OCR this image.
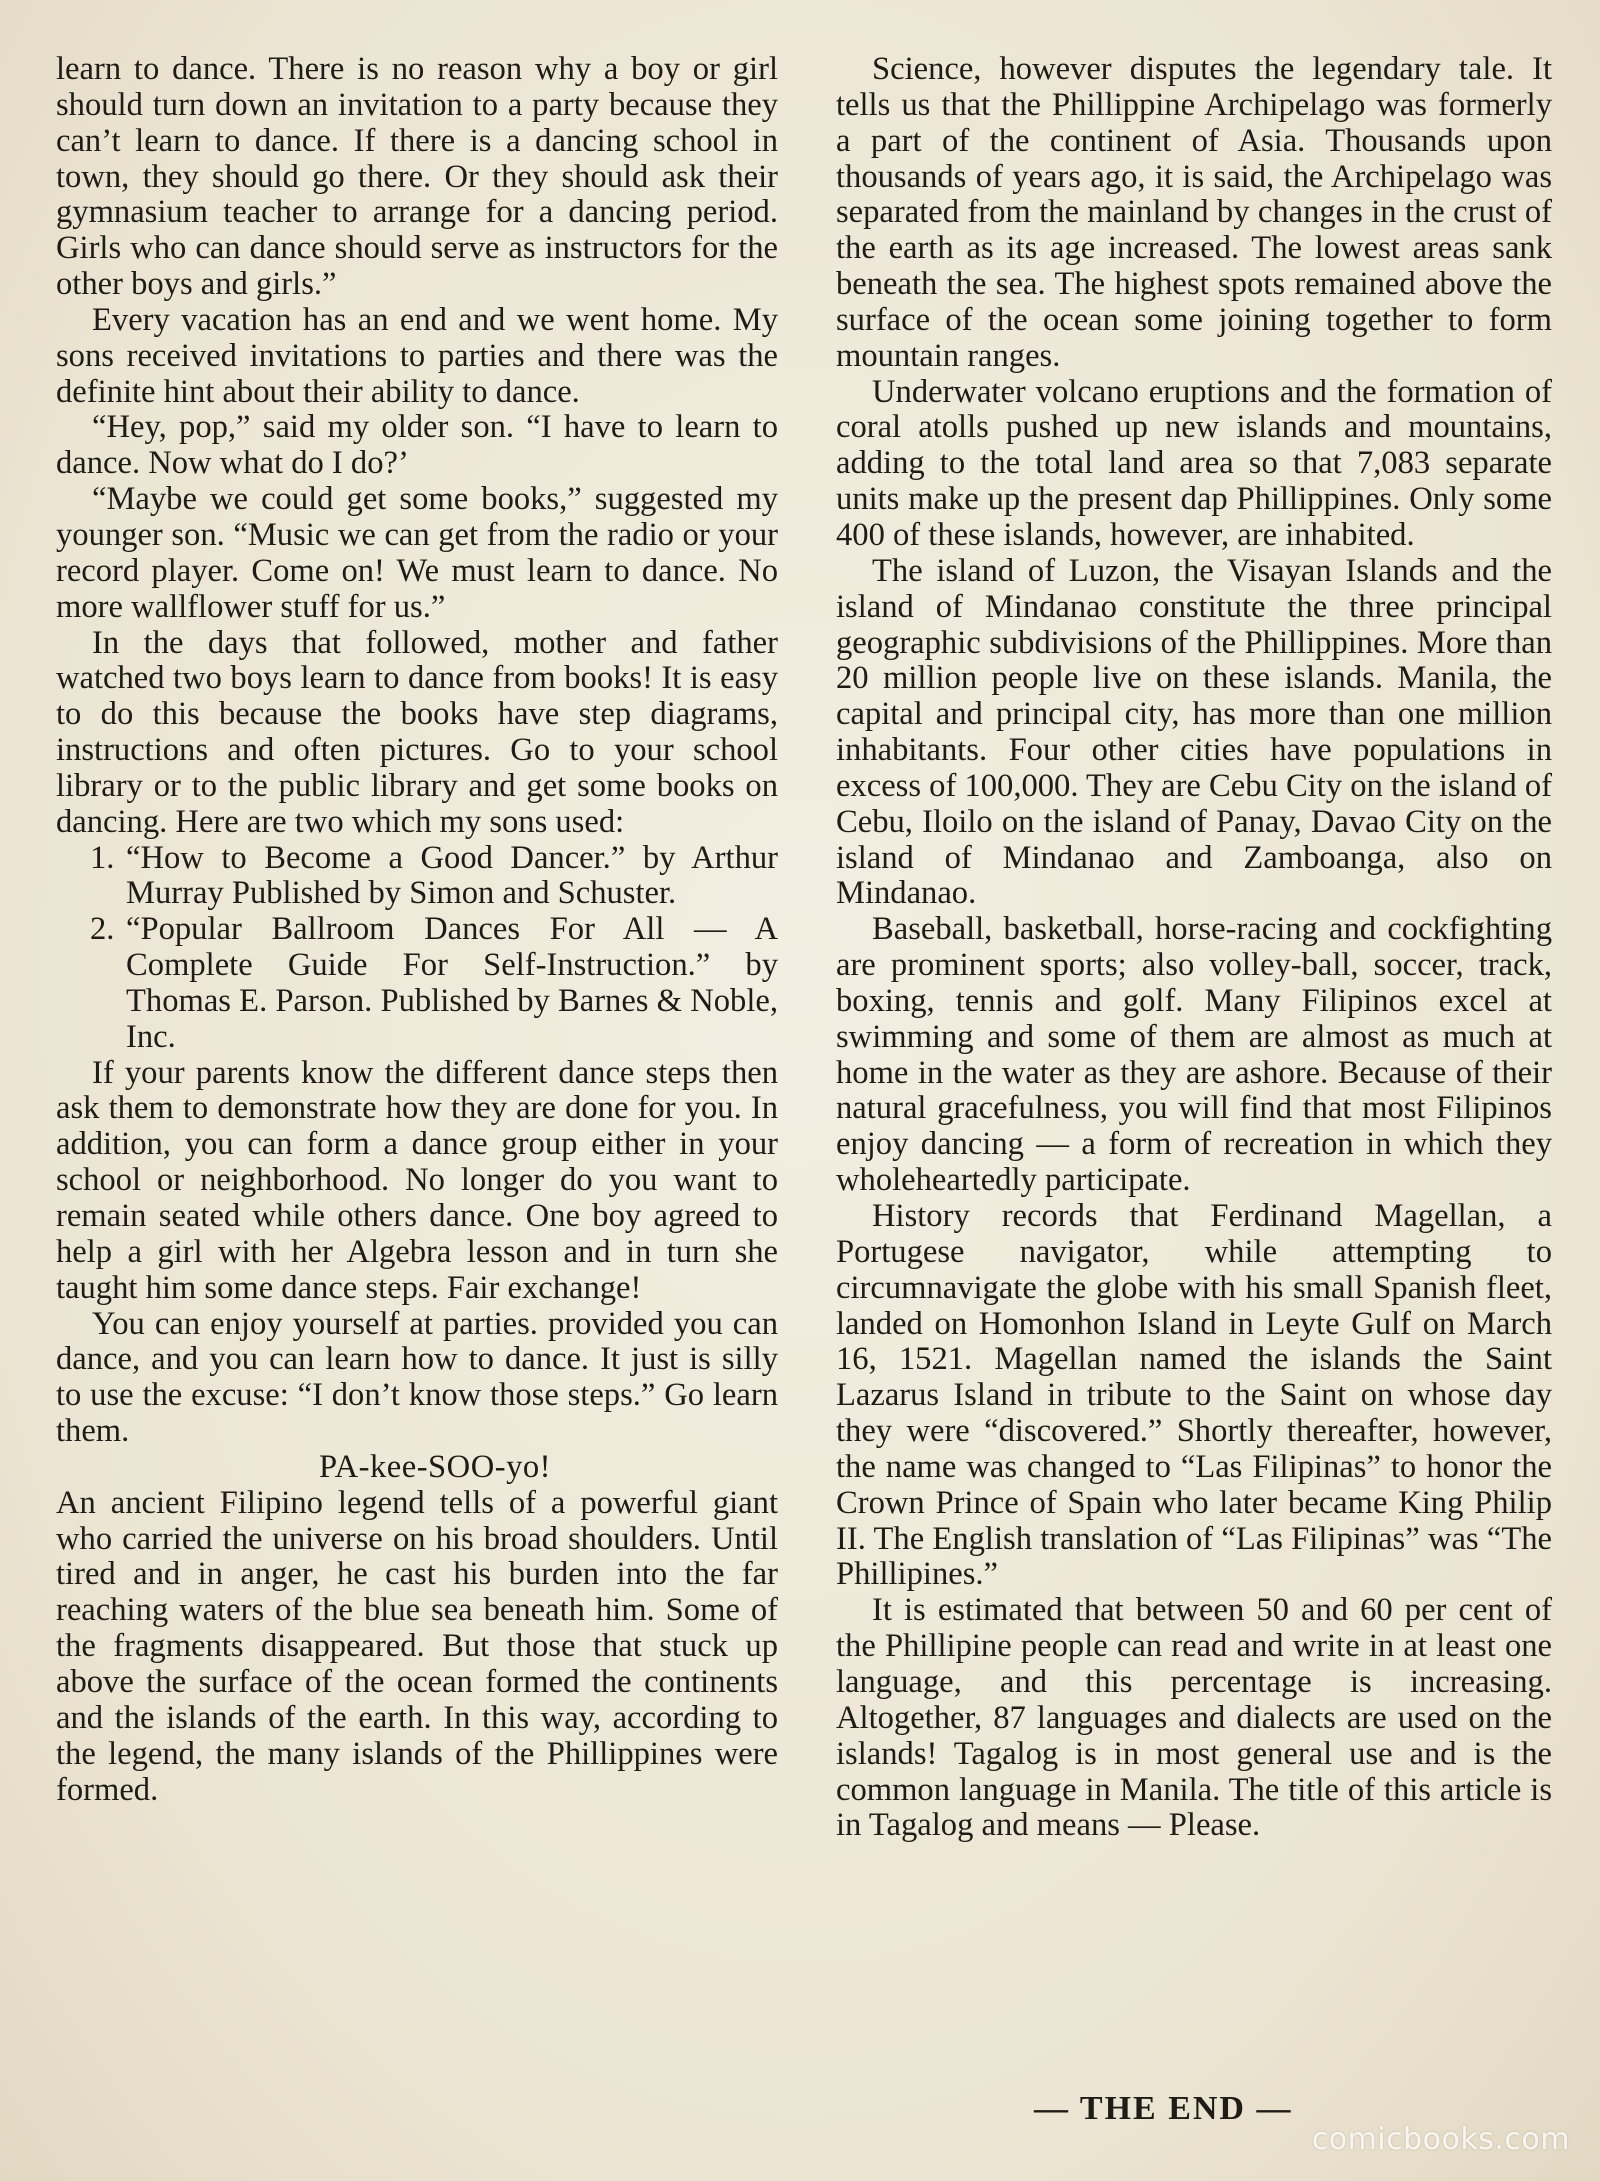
learn to dance. There is no reason why a boy or girl should turn down an invitation to a party because they can’t learn to dance. If there is a dancing school in town, they should go there. Or they should ask their gymnasium teacher to arrange for a dancing period. Girls who can dance should serve as instructors for the other boys and girls.”

Every vacation has an end and we went home. My sons received invitations to parties and there was the definite hint about their ability to dance.

“Hey, pop,” said my older son. “I have to learn to dance. Now what do I do?’

“Maybe we could get some books,” suggested my younger son. “Music we can get from the radio or your record player. Come on! We must learn to dance. No more wallflower stuff for us.”

In the days that followed, mother and father watched two boys learn to dance from books! It is easy to do this because the books have step diagrams, instructions and often pictures. Go to your school library or to the public library and get some books on dancing. Here are two which my sons used:

1. “How to Become a Good Dancer.” by Arthur Murray Published by Simon and Schuster.
2. “Popular Ballroom Dances For All — A Complete Guide For Self-Instruction.” by Thomas E. Parson. Published by Barnes & Noble, Inc.

If your parents know the different dance steps then ask them to demonstrate how they are done for you. In addition, you can form a dance group either in your school or neighborhood. No longer do you want to remain seated while others dance. One boy agreed to help a girl with her Algebra lesson and in turn she taught him some dance steps. Fair exchange!

You can enjoy yourself at parties. provided you can dance, and you can learn how to dance. It just is silly to use the excuse: “I don’t know those steps.” Go learn them.

PA-kee-SOO-yo!

An ancient Filipino legend tells of a powerful giant who carried the universe on his broad shoulders. Until tired and in anger, he cast his burden into the far reaching waters of the blue sea beneath him. Some of the fragments disappeared. But those that stuck up above the surface of the ocean formed the continents and the islands of the earth. In this way, according to the legend, the many islands of the Phillippines were formed.

Science, however disputes the legendary tale. It tells us that the Phillippine Archipelago was formerly a part of the continent of Asia. Thousands upon thousands of years ago, it is said, the Archipelago was separated from the mainland by changes in the crust of the earth as its age increased. The lowest areas sank beneath the sea. The highest spots remained above the surface of the ocean some joining together to form mountain ranges.

Underwater volcano eruptions and the formation of coral atolls pushed up new islands and mountains, adding to the total land area so that 7,083 separate units make up the present dap Phillippines. Only some 400 of these islands, however, are inhabited.

The island of Luzon, the Visayan Islands and the island of Mindanao constitute the three principal geographic subdivisions of the Phillippines. More than 20 million people live on these islands. Manila, the capital and principal city, has more than one million inhabitants. Four other cities have populations in excess of 100,000. They are Cebu City on the island of Cebu, Iloilo on the island of Panay, Davao City on the island of Mindanao and Zamboanga, also on Mindanao.

Baseball, basketball, horse-racing and cockfighting are prominent sports; also volley-ball, soccer, track, boxing, tennis and golf. Many Filipinos excel at swimming and some of them are almost as much at home in the water as they are ashore. Because of their natural gracefulness, you will find that most Filipinos enjoy dancing — a form of recreation in which they wholeheartedly participate.

History records that Ferdinand Magellan, a Portugese navigator, while attempting to circumnavigate the globe with his small Spanish fleet, landed on Homonhon Island in Leyte Gulf on March 16, 1521. Magellan named the islands the Saint Lazarus Island in tribute to the Saint on whose day they were “discovered.” Shortly thereafter, however, the name was changed to “Las Filipinas” to honor the Crown Prince of Spain who later became King Philip II. The English translation of “Las Filipinas” was “The Phillipines.”

It is estimated that between 50 and 60 per cent of the Phillipine people can read and write in at least one language, and this percentage is increasing. Altogether, 87 languages and dialects are used on the islands! Tagalog is in most general use and is the common language in Manila. The title of this article is in Tagalog and means — Please.

— THE END —
comicbooks.com
